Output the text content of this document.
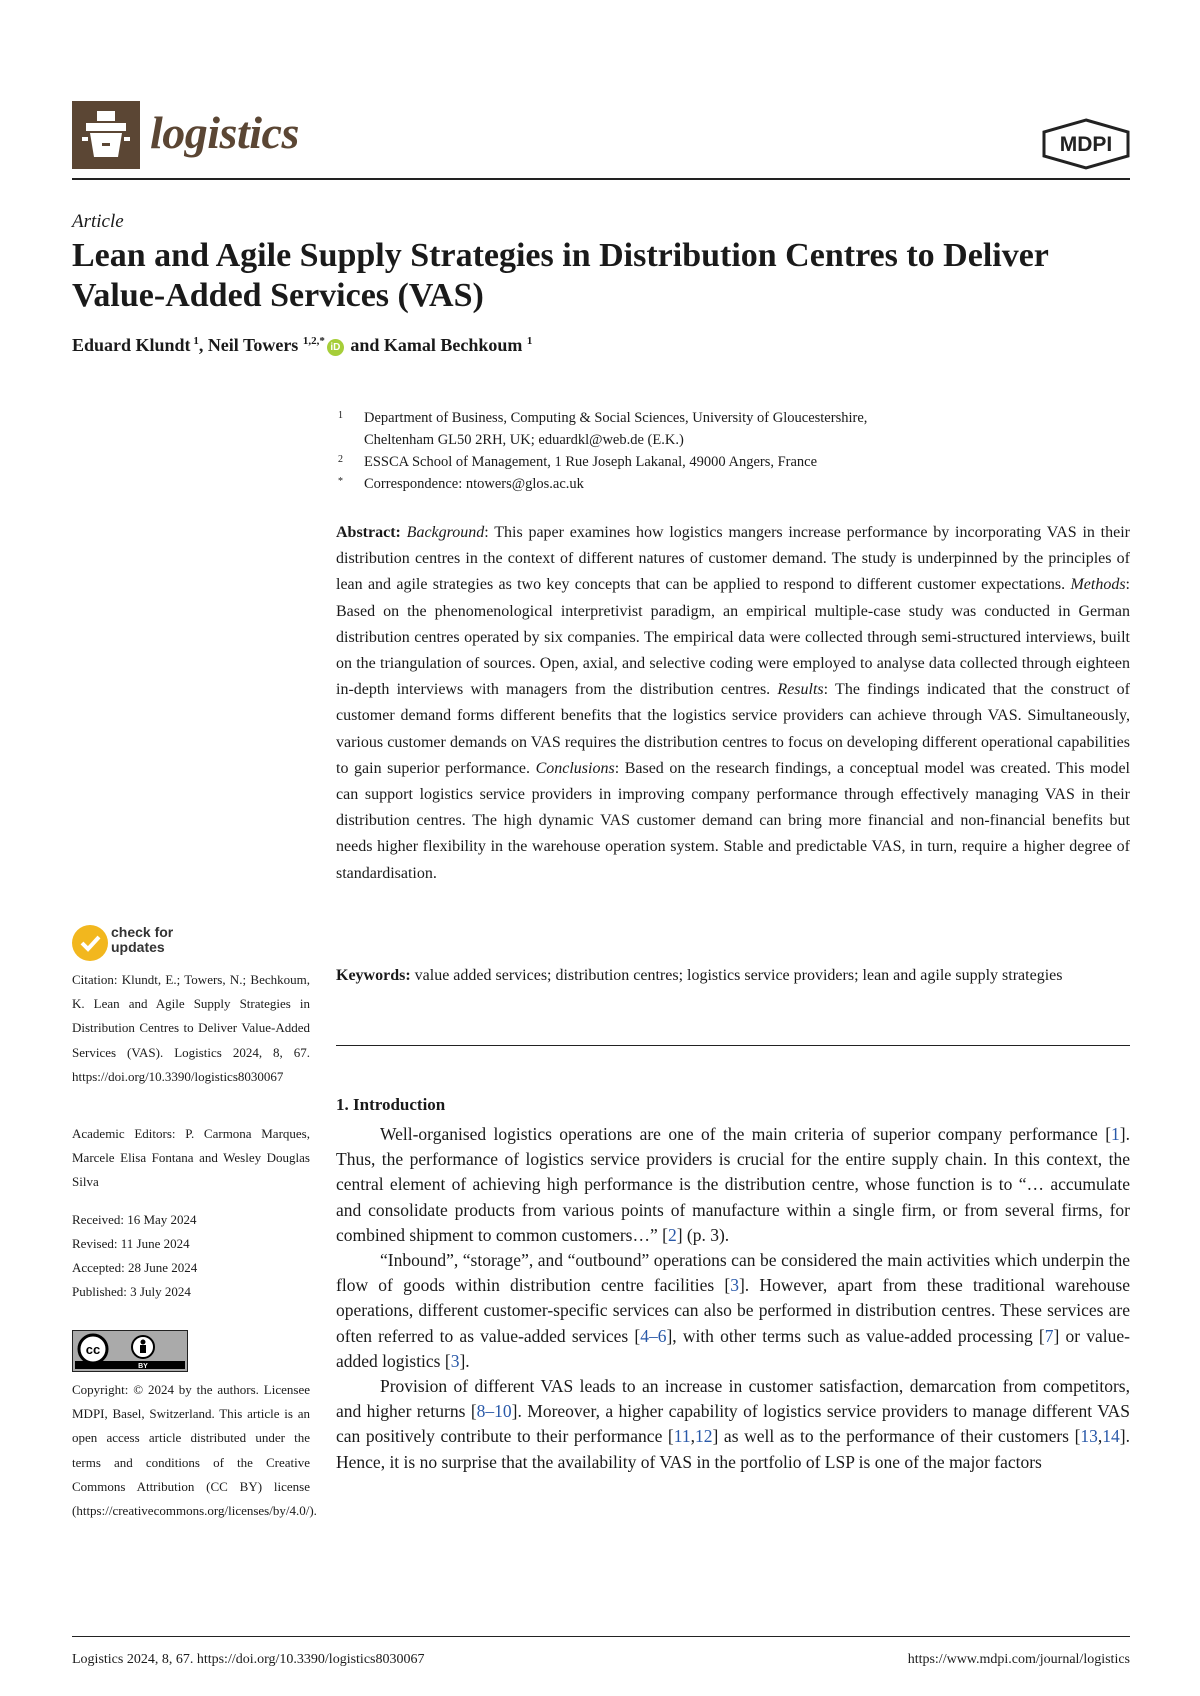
logistics	MDPI
Article
Lean and Agile Supply Strategies in Distribution Centres to Deliver Value-Added Services (VAS)
Eduard Klundt $^1$, Neil Towers $^{1,2,*}$iD and Kamal Bechkoum $^1$
1 Department of Business, Computing & Social Sciences, University of Gloucestershire,
Cheltenham GL50 2RH, UK; eduardkl@web.de (E.K.)
2 ESSCA School of Management, 1 Rue Joseph Lakanal, 49000 Angers, France
* Correspondence: ntowers@glos.ac.uk
Abstract: Background: This paper examines how logistics mangers increase performance by incorporating VAS in their distribution centres in the context of different natures of customer demand. The study is underpinned by the principles of lean and agile strategies as two key concepts that can be applied to respond to different customer expectations. Methods: Based on the phenomenological interpretivist paradigm, an empirical multiple-case study was conducted in German distribution centres operated by six companies. The empirical data were collected through semi-structured interviews, built on the triangulation of sources. Open, axial, and selective coding were employed to analyse data collected through eighteen in-depth interviews with managers from the distribution centres. Results: The findings indicated that the construct of customer demand forms different benefits that the logistics service providers can achieve through VAS. Simultaneously, various customer demands on VAS requires the distribution centres to focus on developing different operational capabilities to gain superior performance. Conclusions: Based on the research findings, a conceptual model was created. This model can support logistics service providers in improving company performance through effectively managing VAS in their distribution centres. The high dynamic VAS customer demand can bring more financial and non-financial benefits but needs higher flexibility in the warehouse operation system. Stable and predictable VAS, in turn, require a higher degree of standardisation.
Keywords: value added services; distribution centres; logistics service providers; lean and agile supply strategies
1. Introduction

Well-organised logistics operations are one of the main criteria of superior company performance [1]. Thus, the performance of logistics service providers is crucial for the entire supply chain. In this context, the central element of achieving high performance is the distribution centre, whose function is to “… accumulate and consolidate products from various points of manufacture within a single firm, or from several firms, for combined shipment to common customers…” [2] (p. 3).

“Inbound”, “storage”, and “outbound” operations can be considered the main activities which underpin the flow of goods within distribution centre facilities [3]. However, apart from these traditional warehouse operations, different customer-specific services can also be performed in distribution centres. These services are often referred to as value-added services [4–6], with other terms such as value-added processing [7] or value-added logistics [3].

Provision of different VAS leads to an increase in customer satisfaction, demarcation from competitors, and higher returns [8–10]. Moreover, a higher capability of logistics service providers to manage different VAS can positively contribute to their performance [11,12] as well as to the performance of their customers [13,14]. Hence, it is no surprise that the availability of VAS in the portfolio of LSP is one of the major factors

check for
updates
Citation: Klundt, E.; Towers, N.; Bechkoum, K. Lean and Agile Supply Strategies in Distribution Centres to Deliver Value-Added Services (VAS). Logistics 2024, 8, 67. https://doi.org/10.3390/logistics8030067
Academic Editors: P. Carmona Marques, Marcele Elisa Fontana and Wesley Douglas Silva
Received: 16 May 2024
Revised: 11 June 2024
Accepted: 28 June 2024
Published: 3 July 2024
cc
BY
Copyright: © 2024 by the authors. Licensee MDPI, Basel, Switzerland. This article is an open access article distributed under the terms and conditions of the Creative Commons Attribution (CC BY) license (https://creativecommons.org/licenses/by/4.0/).
Logistics 2024, 8, 67. https://doi.org/10.3390/logistics8030067	https://www.mdpi.com/journal/logistics
